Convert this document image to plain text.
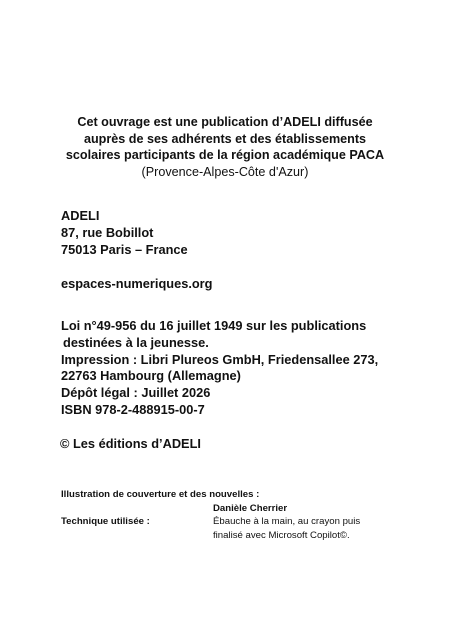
Cet ouvrage est une publication d’ADELI diffusée
auprès de ses adhérents et des établissements
scolaires participants de la région académique PACA
(Provence-Alpes-Côte d'Azur)
ADELI
87, rue Bobillot
75013 Paris – France
espaces-numeriques.org
Loi n°49-956 du 16 juillet 1949 sur les publications
destinées à la jeunesse.
Impression : Libri Plureos GmbH, Friedensallee 273,
22763 Hambourg (Allemagne)
Dépôt légal : Juillet 2026
ISBN 978-2-488915-00-7
© Les éditions d’ADELI
Illustration de couverture et des nouvelles :
Danièle Cherrier
Technique utilisée :	Ébauche à la main, au crayon puis
finalisé avec Microsoft Copilot©.
